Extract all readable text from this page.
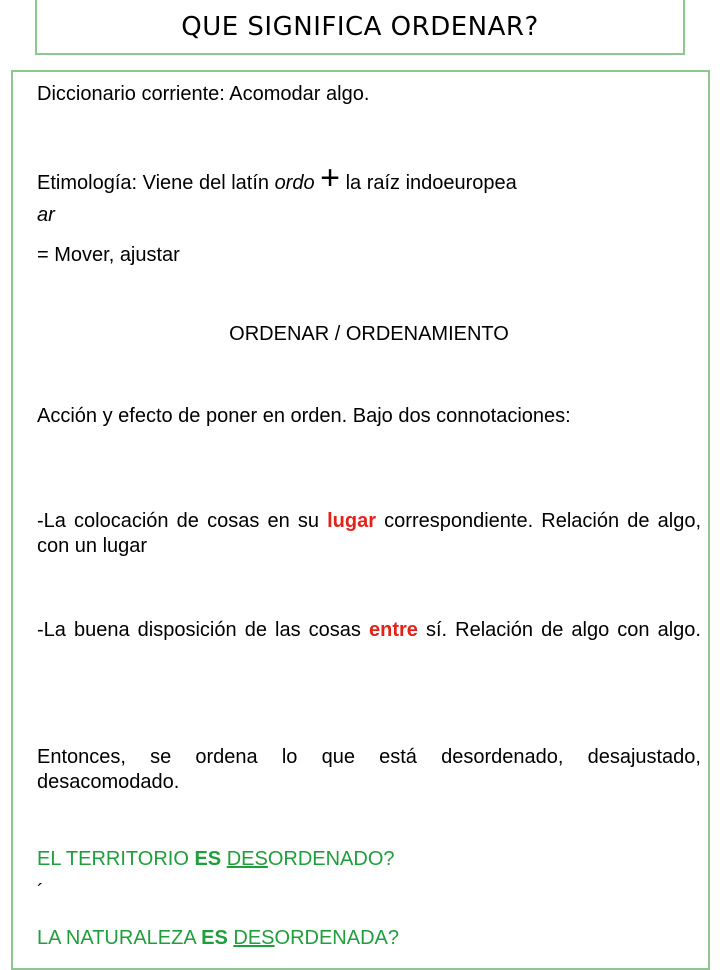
QUE SIGNIFICA ORDENAR?

Diccionario corriente: Acomodar algo.

Etimología: Viene del latín ordo + la raíz indoeuropea

ar

= Mover, ajustar

ORDENAR / ORDENAMIENTO

Acción y efecto de poner en orden. Bajo dos connotaciones:

-La colocación de cosas en su lugar correspondiente. Relación de algo, con un lugar

-La buena disposición de las cosas entre sí. Relación de algo con algo.

Entonces, se ordena lo que está desordenado, desajustado, desacomodado.

EL TERRITORIO ES DESORDENADO?

´

LA NATURALEZA ES DESORDENADA?
